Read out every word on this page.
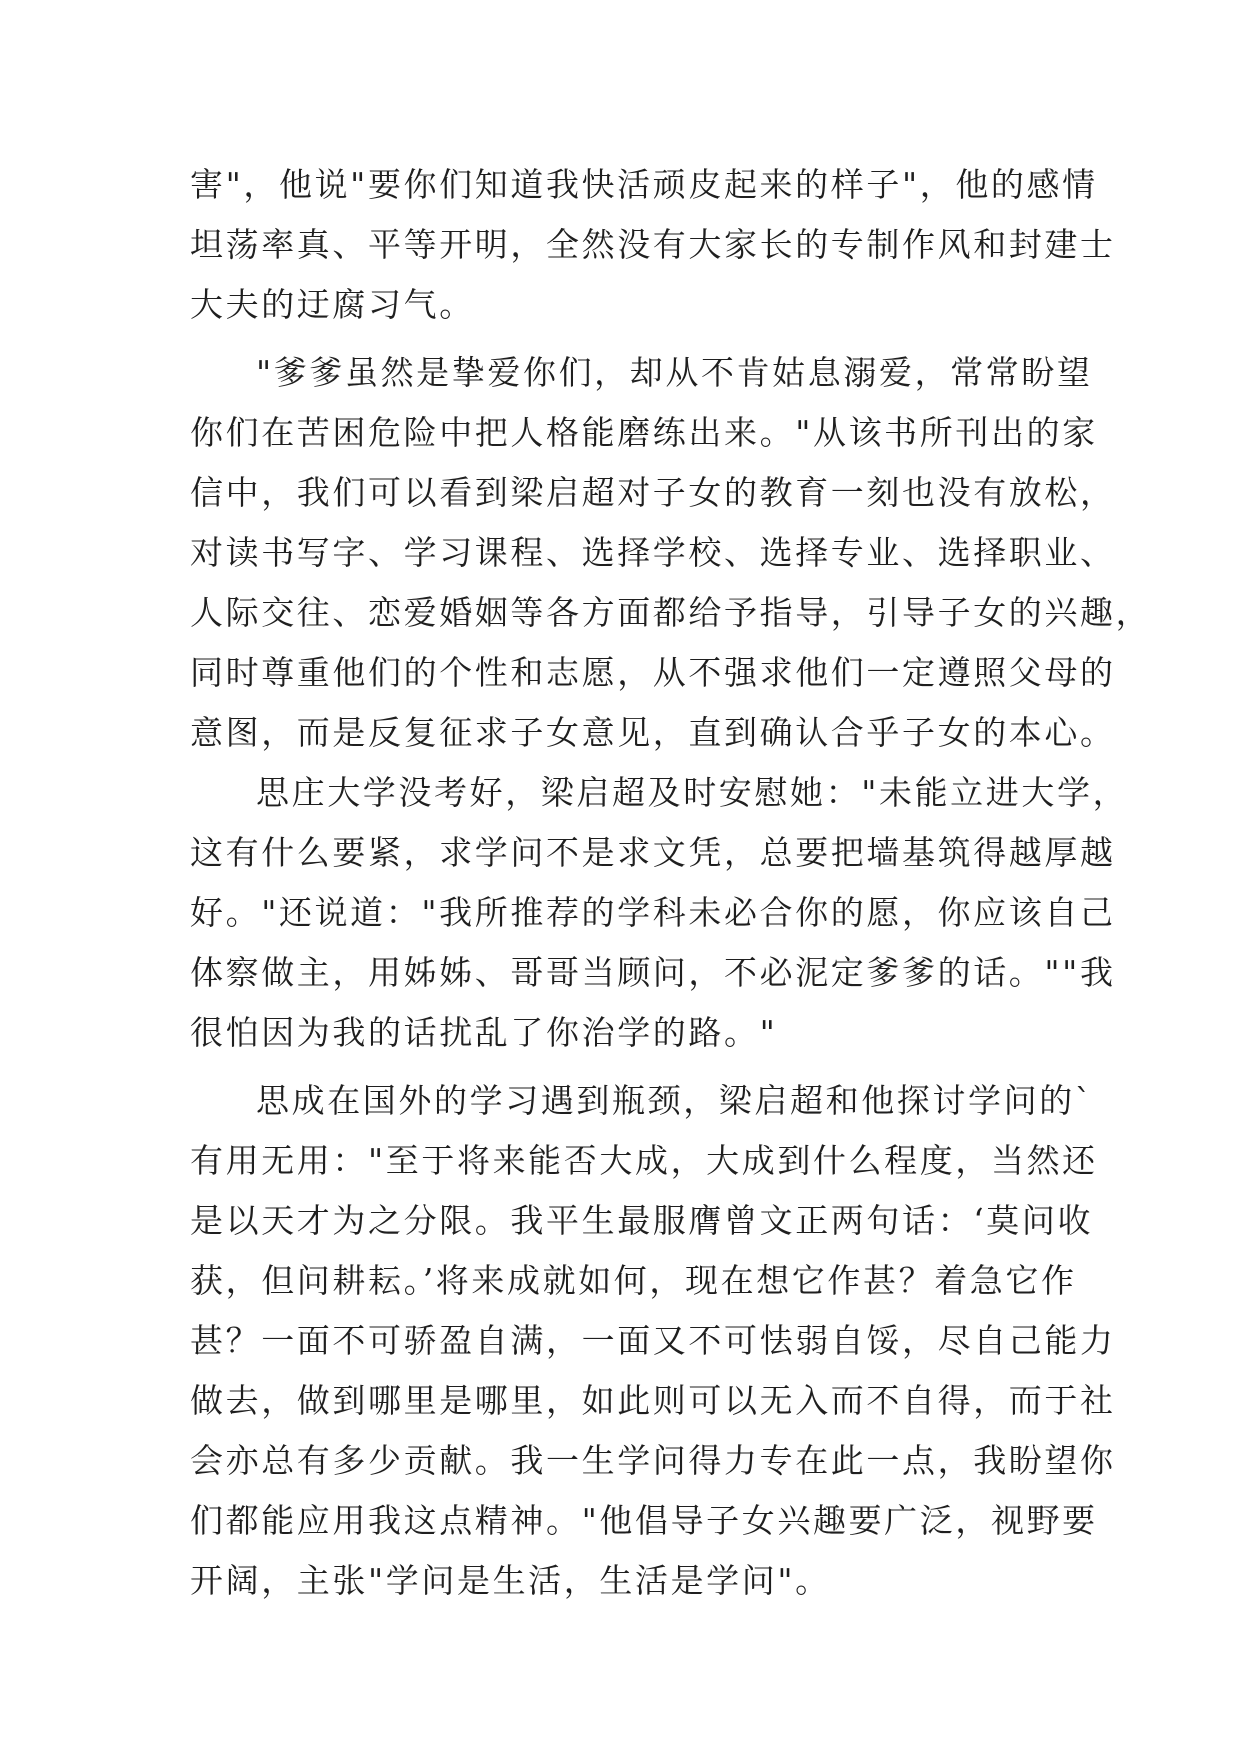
害"，他说"要你们知道我快活顽皮起来的样子"，他的感情
坦荡率真、平等开明，全然没有大家长的专制作风和封建士
大夫的迂腐习气。
"爹爹虽然是挚爱你们，却从不肯姑息溺爱，常常盼望
你们在苦困危险中把人格能磨练出来。"从该书所刊出的家
信中，我们可以看到梁启超对子女的教育一刻也没有放松，
对读书写字、学习课程、选择学校、选择专业、选择职业、
人际交往、恋爱婚姻等各方面都给予指导，引导子女的兴趣，
同时尊重他们的个性和志愿，从不强求他们一定遵照父母的
意图，而是反复征求子女意见，直到确认合乎子女的本心。
思庄大学没考好，梁启超及时安慰她："未能立进大学，
这有什么要紧，求学问不是求文凭，总要把墙基筑得越厚越
好。"还说道："我所推荐的学科未必合你的愿，你应该自己
体察做主，用姊姊、哥哥当顾问，不必泥定爹爹的话。""我
很怕因为我的话扰乱了你治学的路。"
思成在国外的学习遇到瓶颈，梁启超和他探讨学问的`
有用无用："至于将来能否大成，大成到什么程度，当然还
是以天才为之分限。我平生最服膺曾文正两句话：‘莫问收
获，但问耕耘。’将来成就如何，现在想它作甚？着急它作
甚？一面不可骄盈自满，一面又不可怯弱自馁，尽自己能力
做去，做到哪里是哪里，如此则可以无入而不自得，而于社
会亦总有多少贡献。我一生学问得力专在此一点，我盼望你
们都能应用我这点精神。"他倡导子女兴趣要广泛，视野要
开阔，主张"学问是生活，生活是学问"。
